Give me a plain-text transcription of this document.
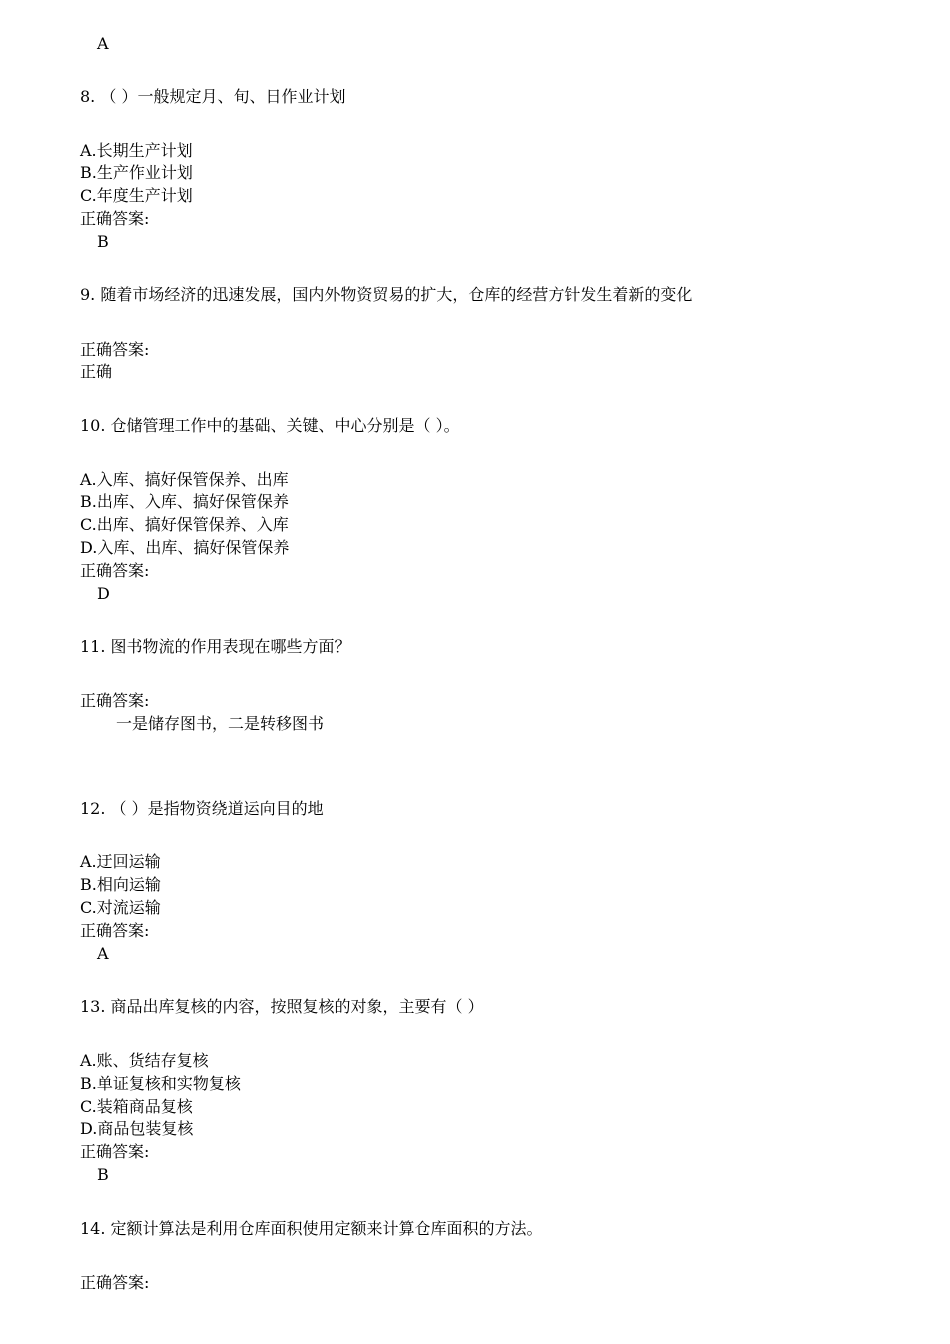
A
8. （ ）一般规定月、旬、日作业计划
A.长期生产计划
B.生产作业计划
C.年度生产计划
正确答案:
B
9. 随着市场经济的迅速发展，国内外物资贸易的扩大，仓库的经营方针发生着新的变化
正确答案:
正确
10. 仓储管理工作中的基础、关键、中心分别是（ ）。
A.入库、搞好保管保养、出库
B.出库、入库、搞好保管保养
C.出库、搞好保管保养、入库
D.入库、出库、搞好保管保养
正确答案:
D
11. 图书物流的作用表现在哪些方面？
正确答案:
一是储存图书，二是转移图书
12. （ ）是指物资绕道运向目的地
A.迂回运输
B.相向运输
C.对流运输
正确答案:
A
13. 商品出库复核的内容，按照复核的对象，主要有（ ）
A.账、货结存复核
B.单证复核和实物复核
C.装箱商品复核
D.商品包装复核
正确答案:
B
14. 定额计算法是利用仓库面积使用定额来计算仓库面积的方法。
正确答案:
